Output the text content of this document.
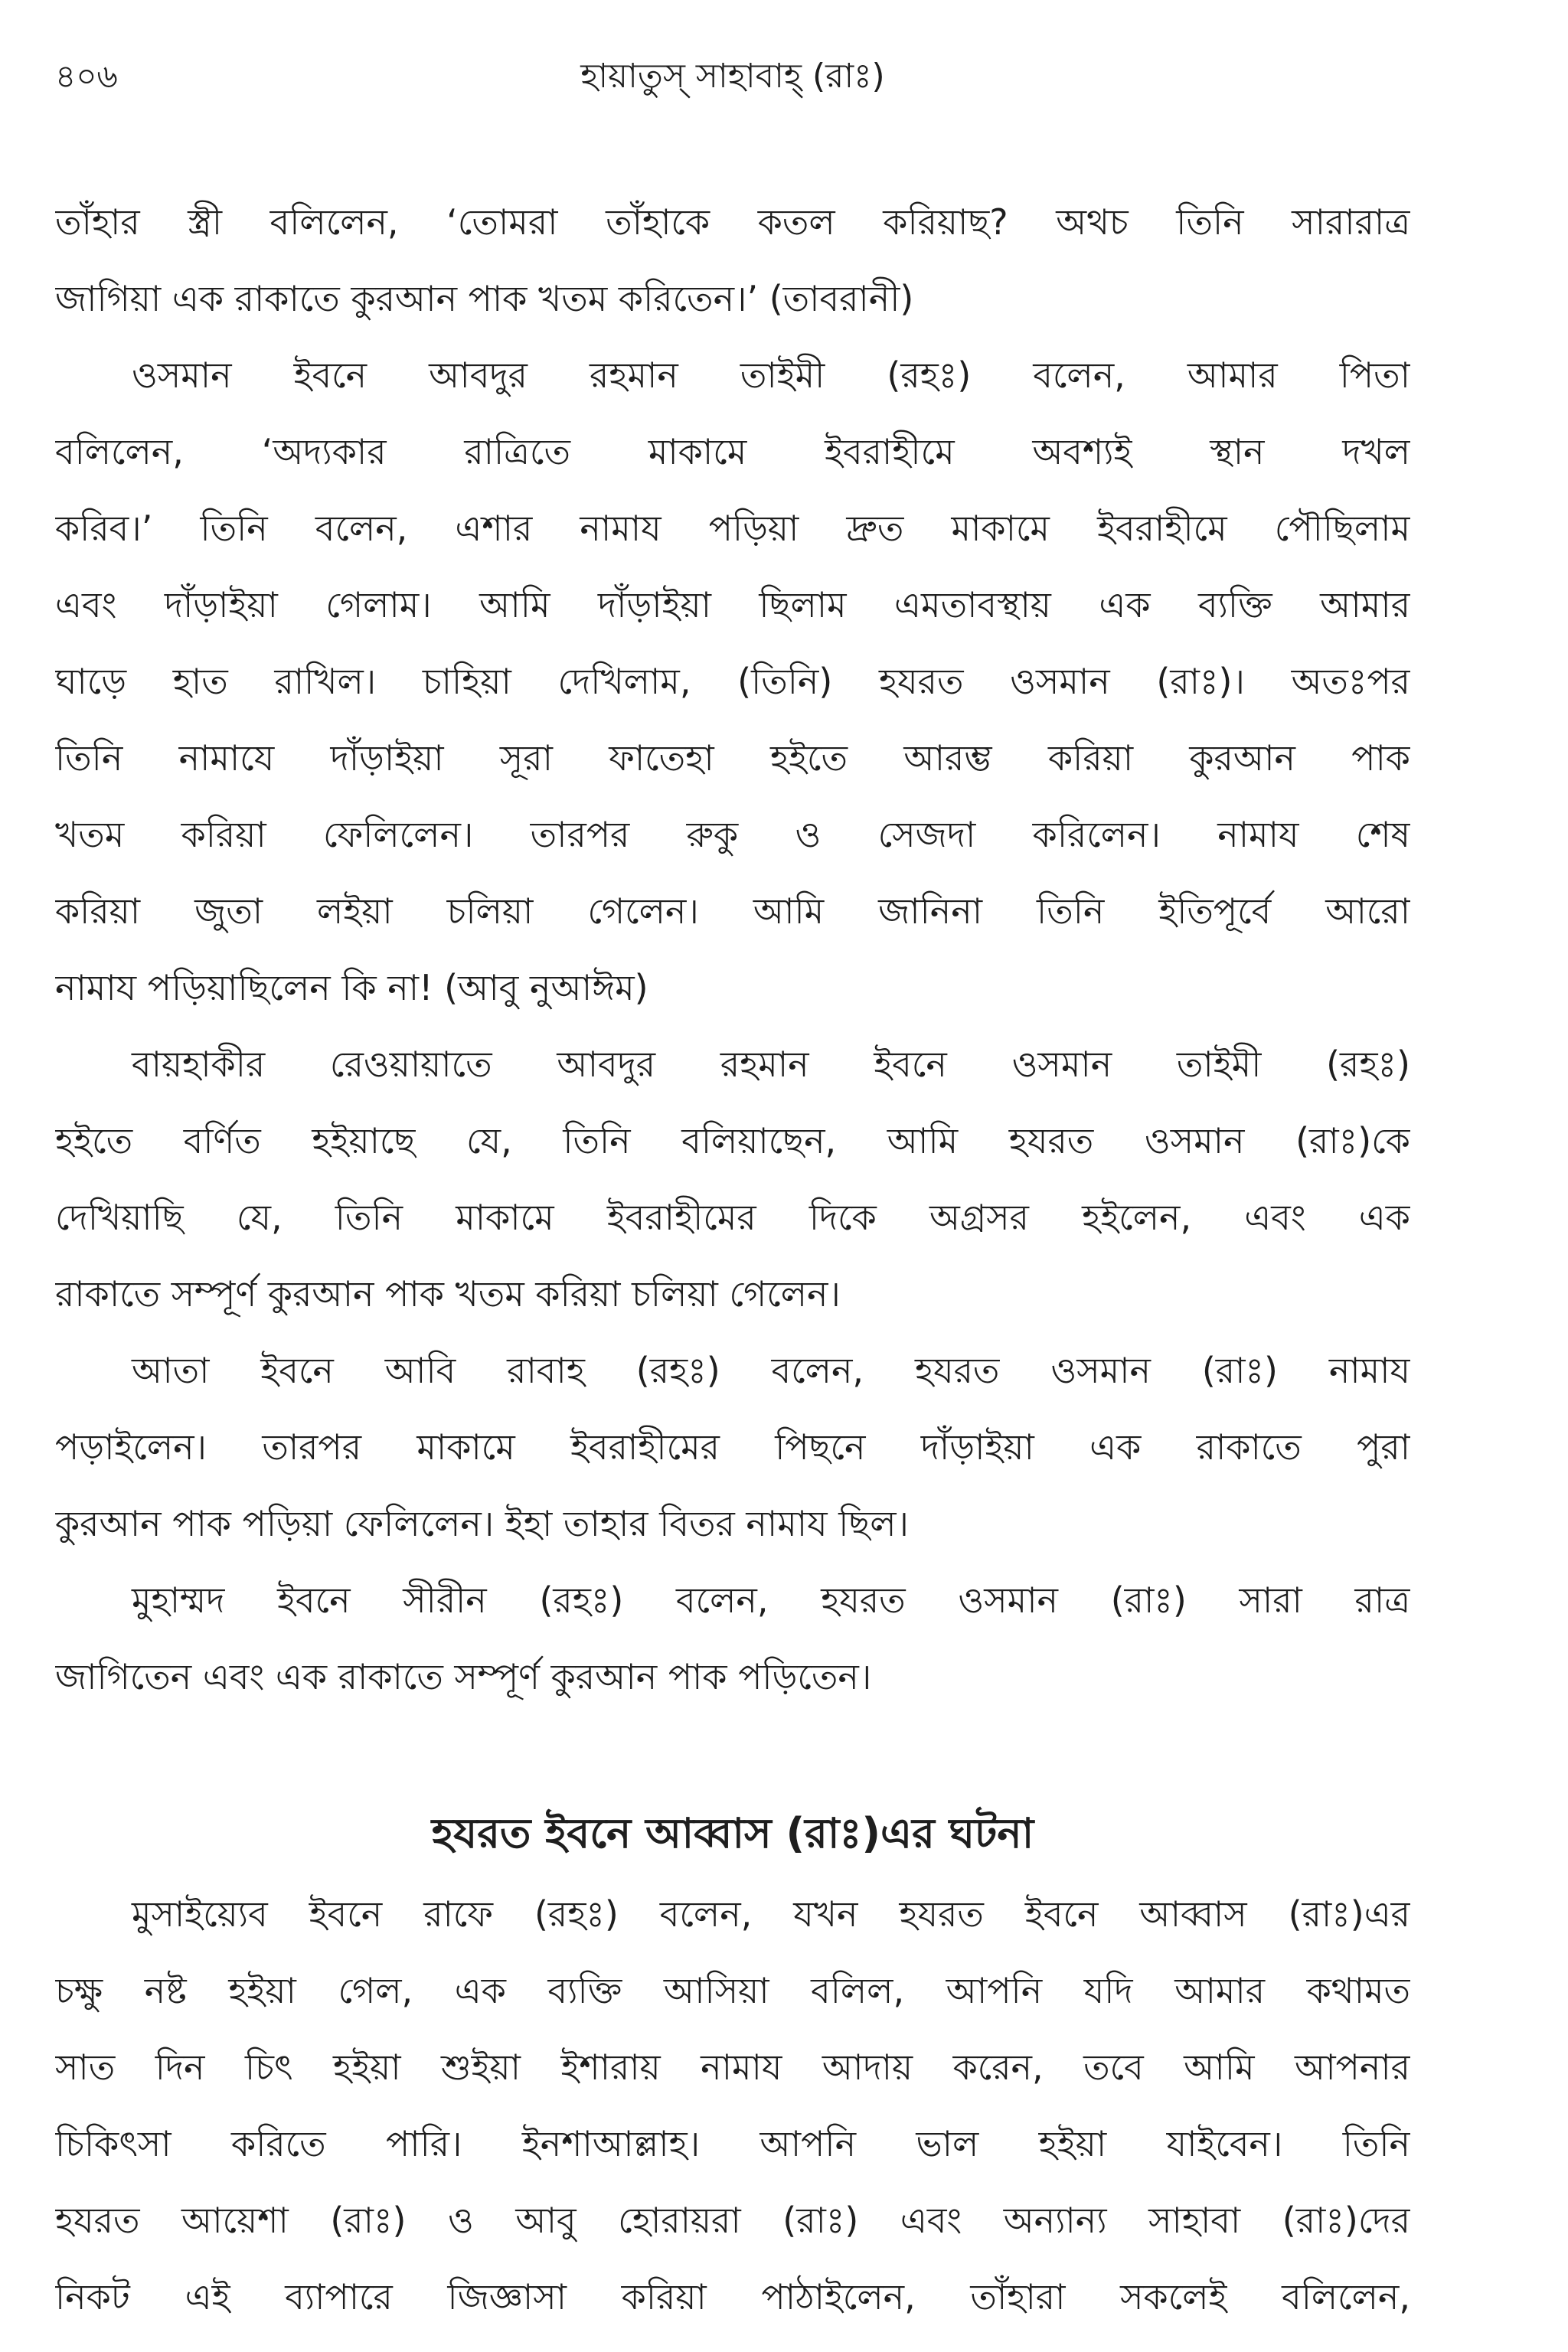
৪০৬	হায়াতুস্ সাহাবাহ্ (রাঃ)
তাঁহার স্ত্রী বলিলেন, ‘তোমরা তাঁহাকে কতল করিয়াছ? অথচ তিনি সারারাত্র
জাগিয়া এক রাকাতে কুরআন পাক খতম করিতেন।’ (তাবরানী)
ওসমান ইবনে আবদুর রহমান তাইমী (রহঃ) বলেন, আমার পিতা
বলিলেন, ‘অদ্যকার রাত্রিতে মাকামে ইবরাহীমে অবশ্যই স্থান দখল
করিব।’ তিনি বলেন, এশার নামায পড়িয়া দ্রুত মাকামে ইবরাহীমে পৌছিলাম
এবং দাঁড়াইয়া গেলাম। আমি দাঁড়াইয়া ছিলাম এমতাবস্থায় এক ব্যক্তি আমার
ঘাড়ে হাত রাখিল। চাহিয়া দেখিলাম, (তিনি) হযরত ওসমান (রাঃ)। অতঃপর
তিনি নামাযে দাঁড়াইয়া সূরা ফাতেহা হইতে আরম্ভ করিয়া কুরআন পাক
খতম করিয়া ফেলিলেন। তারপর রুকু ও সেজদা করিলেন। নামায শেষ
করিয়া জুতা লইয়া চলিয়া গেলেন। আমি জানিনা তিনি ইতিপূর্বে আরো
নামায পড়িয়াছিলেন কি না! (আবু নুআঈম)
বায়হাকীর রেওয়ায়াতে আবদুর রহমান ইবনে ওসমান তাইমী (রহঃ)
হইতে বর্ণিত হইয়াছে যে, তিনি বলিয়াছেন, আমি হযরত ওসমান (রাঃ)কে
দেখিয়াছি যে, তিনি মাকামে ইবরাহীমের দিকে অগ্রসর হইলেন, এবং এক
রাকাতে সম্পূর্ণ কুরআন পাক খতম করিয়া চলিয়া গেলেন।
আতা ইবনে আবি রাবাহ (রহঃ) বলেন, হযরত ওসমান (রাঃ) নামায
পড়াইলেন। তারপর মাকামে ইবরাহীমের পিছনে দাঁড়াইয়া এক রাকাতে পুরা
কুরআন পাক পড়িয়া ফেলিলেন। ইহা তাহার বিতর নামায ছিল।
মুহাম্মদ ইবনে সীরীন (রহঃ) বলেন, হযরত ওসমান (রাঃ) সারা রাত্র
জাগিতেন এবং এক রাকাতে সম্পূর্ণ কুরআন পাক পড়িতেন।
হযরত ইবনে আব্বাস (রাঃ)এর ঘটনা
মুসাইয়্যেব ইবনে রাফে (রহঃ) বলেন, যখন হযরত ইবনে আব্বাস (রাঃ)এর
চক্ষু নষ্ট হইয়া গেল, এক ব্যক্তি আসিয়া বলিল, আপনি যদি আমার কথামত
সাত দিন চিৎ হইয়া শুইয়া ইশারায় নামায আদায় করেন, তবে আমি আপনার
চিকিৎসা করিতে পারি। ইনশাআল্লাহ। আপনি ভাল হইয়া যাইবেন। তিনি
হযরত আয়েশা (রাঃ) ও আবু হোরায়রা (রাঃ) এবং অন্যান্য সাহাবা (রাঃ)দের
নিকট এই ব্যাপারে জিজ্ঞাসা করিয়া পাঠাইলেন, তাঁহারা সকলেই বলিলেন,
